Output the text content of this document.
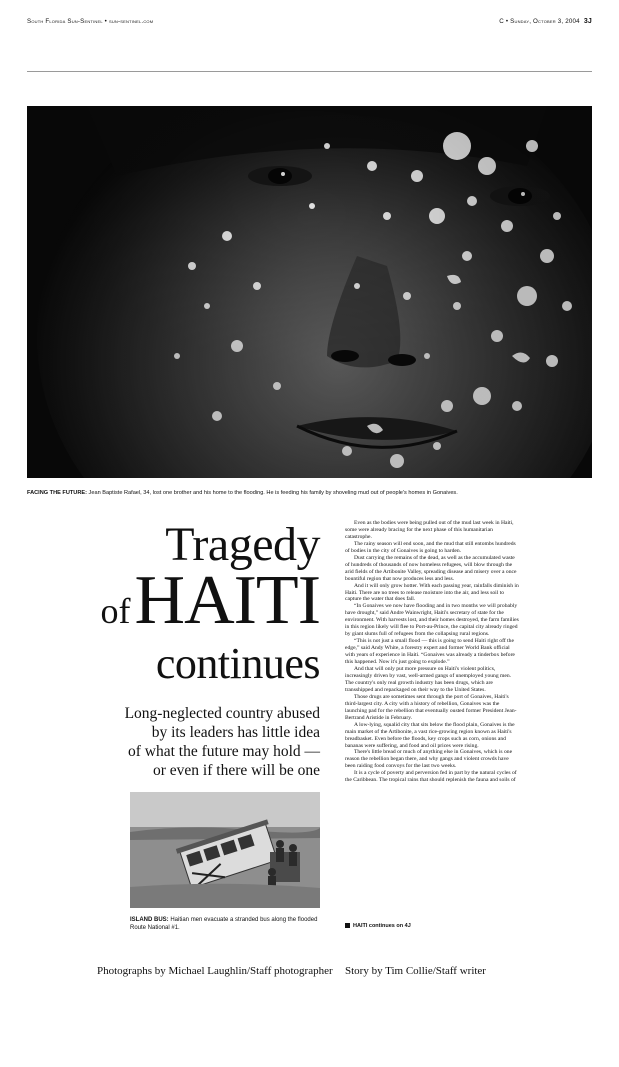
South Florida Sun-Sentinel • sun-sentinel.com	C • Sunday, October 3, 2004 3J
FACING THE FUTURE: Jean Baptiste Rafael, 34, lost one brother and his home to the flooding. He is feeding his family by shoveling mud out of people's homes in Gonaives.
Tragedy
ofHAITI
continues
Long-neglected country abused
by its leaders has little idea
of what the future may hold —
or even if there will be one
ISLAND BUS: Haitian men evacuate a stranded bus along the flooded Route National #1.

Even as the bodies were being pulled out of the mud last week in Haiti, some were already bracing for the next phase of this humanitarian catastrophe.

The rainy season will end soon, and the mud that still entombs hundreds of bodies in the city of Gonaives is going to harden.

Dust carrying the remains of the dead, as well as the accumulated waste of hundreds of thousands of now homeless refugees, will blow through the arid fields of the Artibonite Valley, spreading disease and misery over a once bountiful region that now produces less and less.

And it will only grow hotter. With each passing year, rainfalls diminish in Haiti. There are no trees to release moisture into the air, and less soil to capture the water that does fall.

“In Gonaives we now have flooding and in two months we will probably have drought,” said Andre Wainwright, Haiti's secretary of state for the environment. With harvests lost, and their homes destroyed, the farm families in this region likely will flee to Port-au-Prince, the capital city already ringed by giant slums full of refugees from the collapsing rural regions.

“This is not just a small flood — this is going to send Haiti right off the edge,” said Andy White, a forestry expert and former World Bank official with years of experience in Haiti. “Gonaives was already a tinderbox before this happened. Now it's just going to explode.”

And that will only put more pressure on Haiti's violent politics, increasingly driven by vast, well-armed gangs of unemployed young men. The country's only real growth industry has been drugs, which are transshipped and repackaged on their way to the United States.

Those drugs are sometimes sent through the port of Gonaives, Haiti's third-largest city. A city with a history of rebellion, Gonaives was the launching pad for the rebellion that eventually ousted former President Jean-Bertrand Aristide in February.

A low-lying, squalid city that sits below the flood plain, Gonaives is the main market of the Artibonite, a vast rice-growing region known as Haiti's breadbasket. Even before the floods, key crops such as corn, onions and bananas were suffering, and food and oil prices were rising.

There's little bread or much of anything else in Gonaives, which is one reason the rebellion began there, and why gangs and violent crowds have been raiding food convoys for the last two weeks.

It is a cycle of poverty and perversion fed in part by the natural cycles of the Caribbean. The tropical rains that should replenish the fauna and soils of

HAITI continues on 4J
Photographs by Michael Laughlin/Staff photographer Story by Tim Collie/Staff writer
